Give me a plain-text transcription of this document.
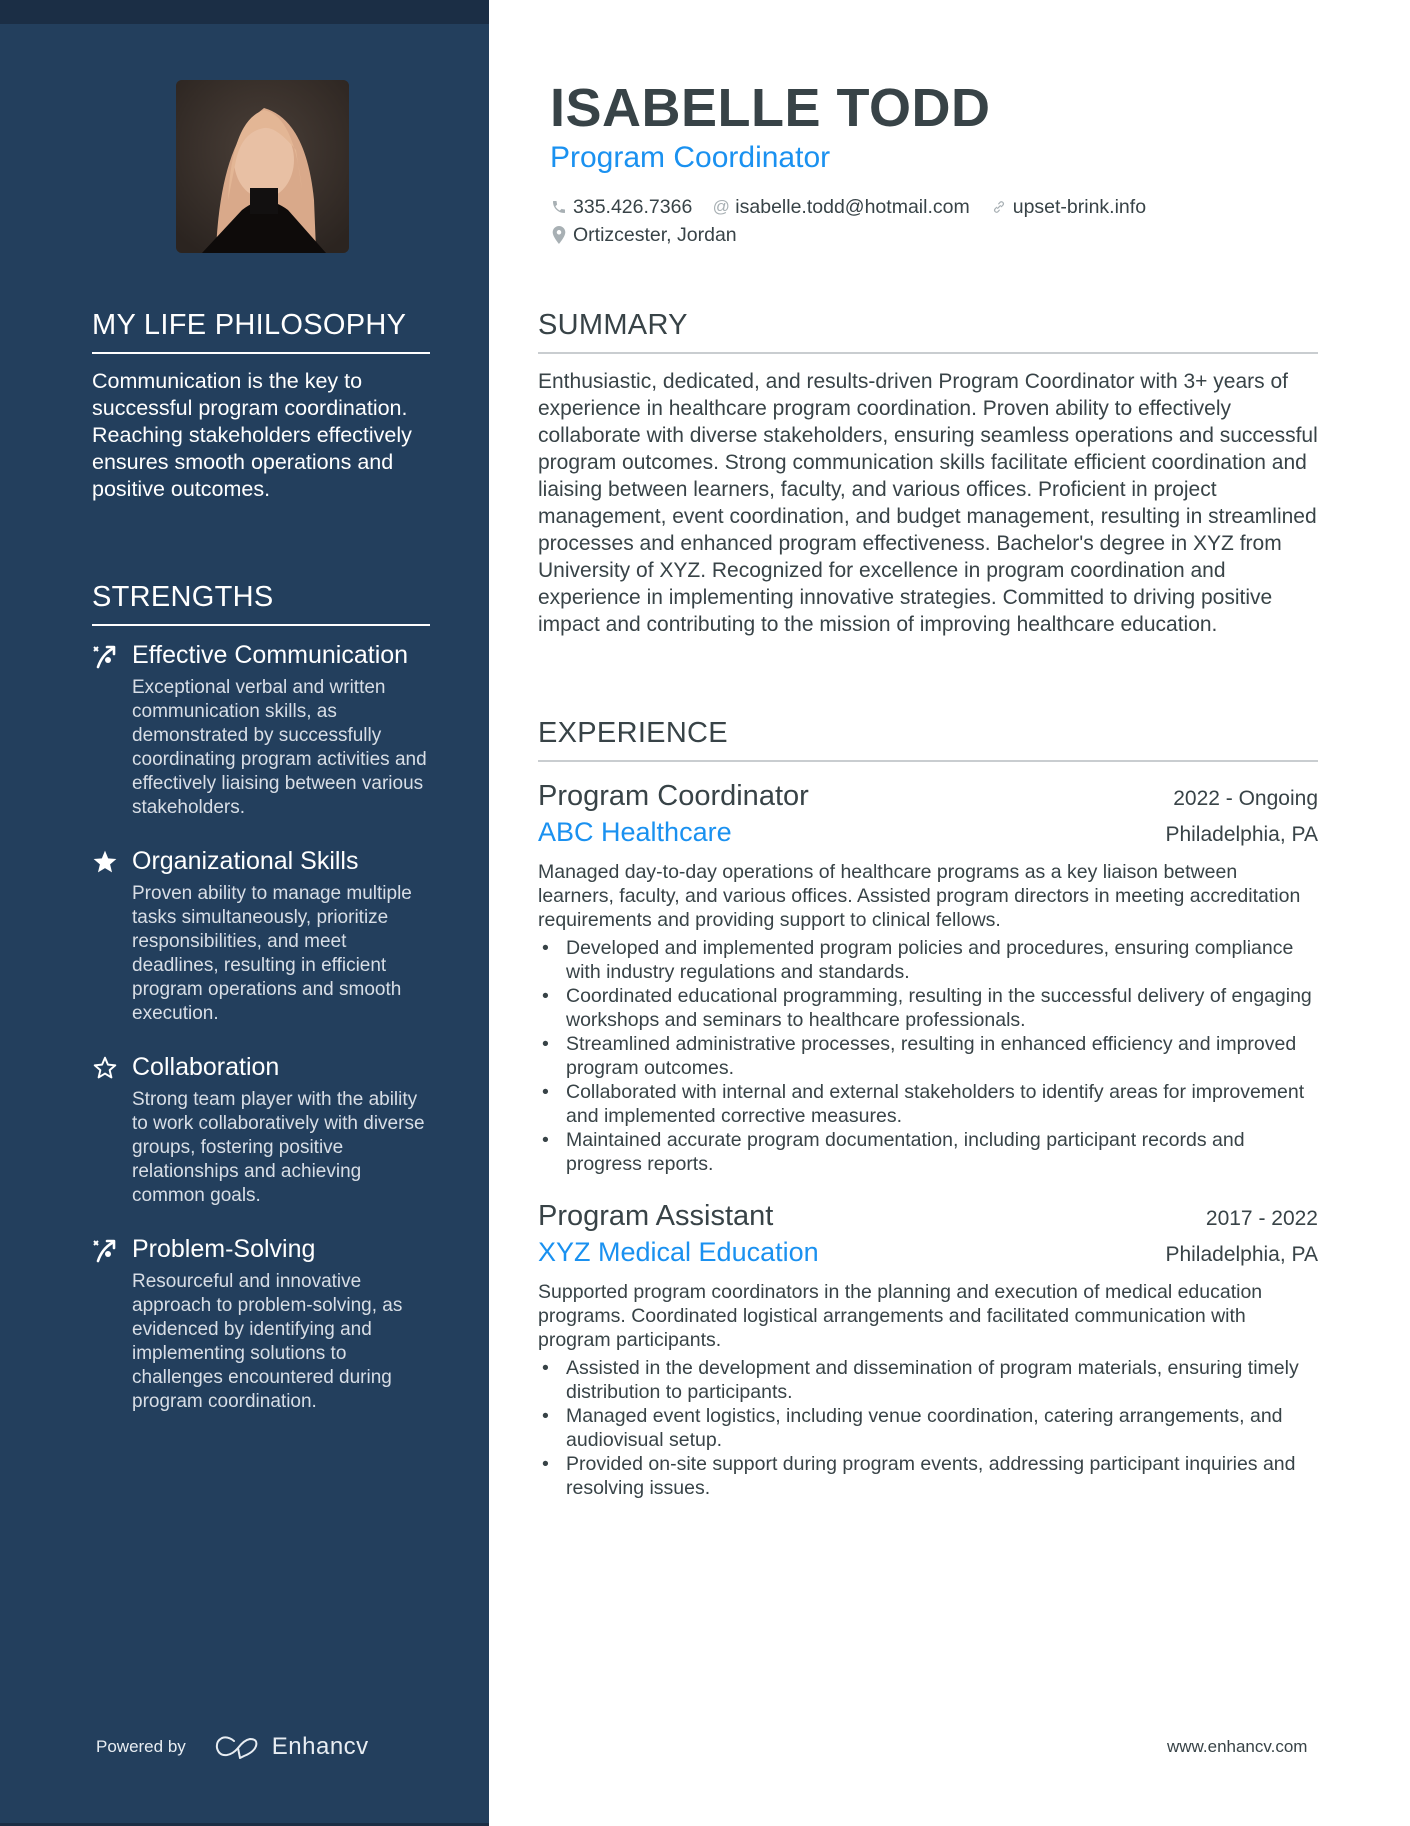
MY LIFE PHILOSOPHY
Communication is the key to successful program coordination. Reaching stakeholders effectively ensures smooth operations and positive outcomes.
STRENGTHS
Effective Communication
Exceptional verbal and written communication skills, as demonstrated by successfully coordinating program activities and effectively liaising between various stakeholders.
Organizational Skills
Proven ability to manage multiple tasks simultaneously, prioritize responsibilities, and meet deadlines, resulting in efficient program operations and smooth execution.
Collaboration
Strong team player with the ability to work collaboratively with diverse groups, fostering positive relationships and achieving common goals.
Problem-Solving
Resourceful and innovative approach to problem-solving, as evidenced by identifying and implementing solutions to challenges encountered during program coordination.
Powered by	Enhancv
ISABELLE TODD
Program Coordinator
335.426.7366 @ isabelle.todd@hotmail.com upset-brink.info
Ortizcester, Jordan
SUMMARY
Enthusiastic, dedicated, and results-driven Program Coordinator with 3+ years of experience in healthcare program coordination. Proven ability to effectively collaborate with diverse stakeholders, ensuring seamless operations and successful program outcomes. Strong communication skills facilitate efficient coordination and liaising between learners, faculty, and various offices. Proficient in project management, event coordination, and budget management, resulting in streamlined processes and enhanced program effectiveness. Bachelor's degree in XYZ from University of XYZ. Recognized for excellence in program coordination and experience in implementing innovative strategies. Committed to driving positive impact and contributing to the mission of improving healthcare education.
EXPERIENCE
Program Coordinator	2022 - Ongoing
ABC Healthcare	Philadelphia, PA
Managed day-to-day operations of healthcare programs as a key liaison between learners, faculty, and various offices. Assisted program directors in meeting accreditation requirements and providing support to clinical fellows.
• Developed and implemented program policies and procedures, ensuring compliance with industry regulations and standards.
• Coordinated educational programming, resulting in the successful delivery of engaging workshops and seminars to healthcare professionals.
• Streamlined administrative processes, resulting in enhanced efficiency and improved program outcomes.
• Collaborated with internal and external stakeholders to identify areas for improvement and implemented corrective measures.
• Maintained accurate program documentation, including participant records and progress reports.
Program Assistant	2017 - 2022
XYZ Medical Education	Philadelphia, PA
Supported program coordinators in the planning and execution of medical education programs. Coordinated logistical arrangements and facilitated communication with program participants.
• Assisted in the development and dissemination of program materials, ensuring timely distribution to participants.
• Managed event logistics, including venue coordination, catering arrangements, and audiovisual setup.
• Provided on-site support during program events, addressing participant inquiries and resolving issues.
www.enhancv.com
